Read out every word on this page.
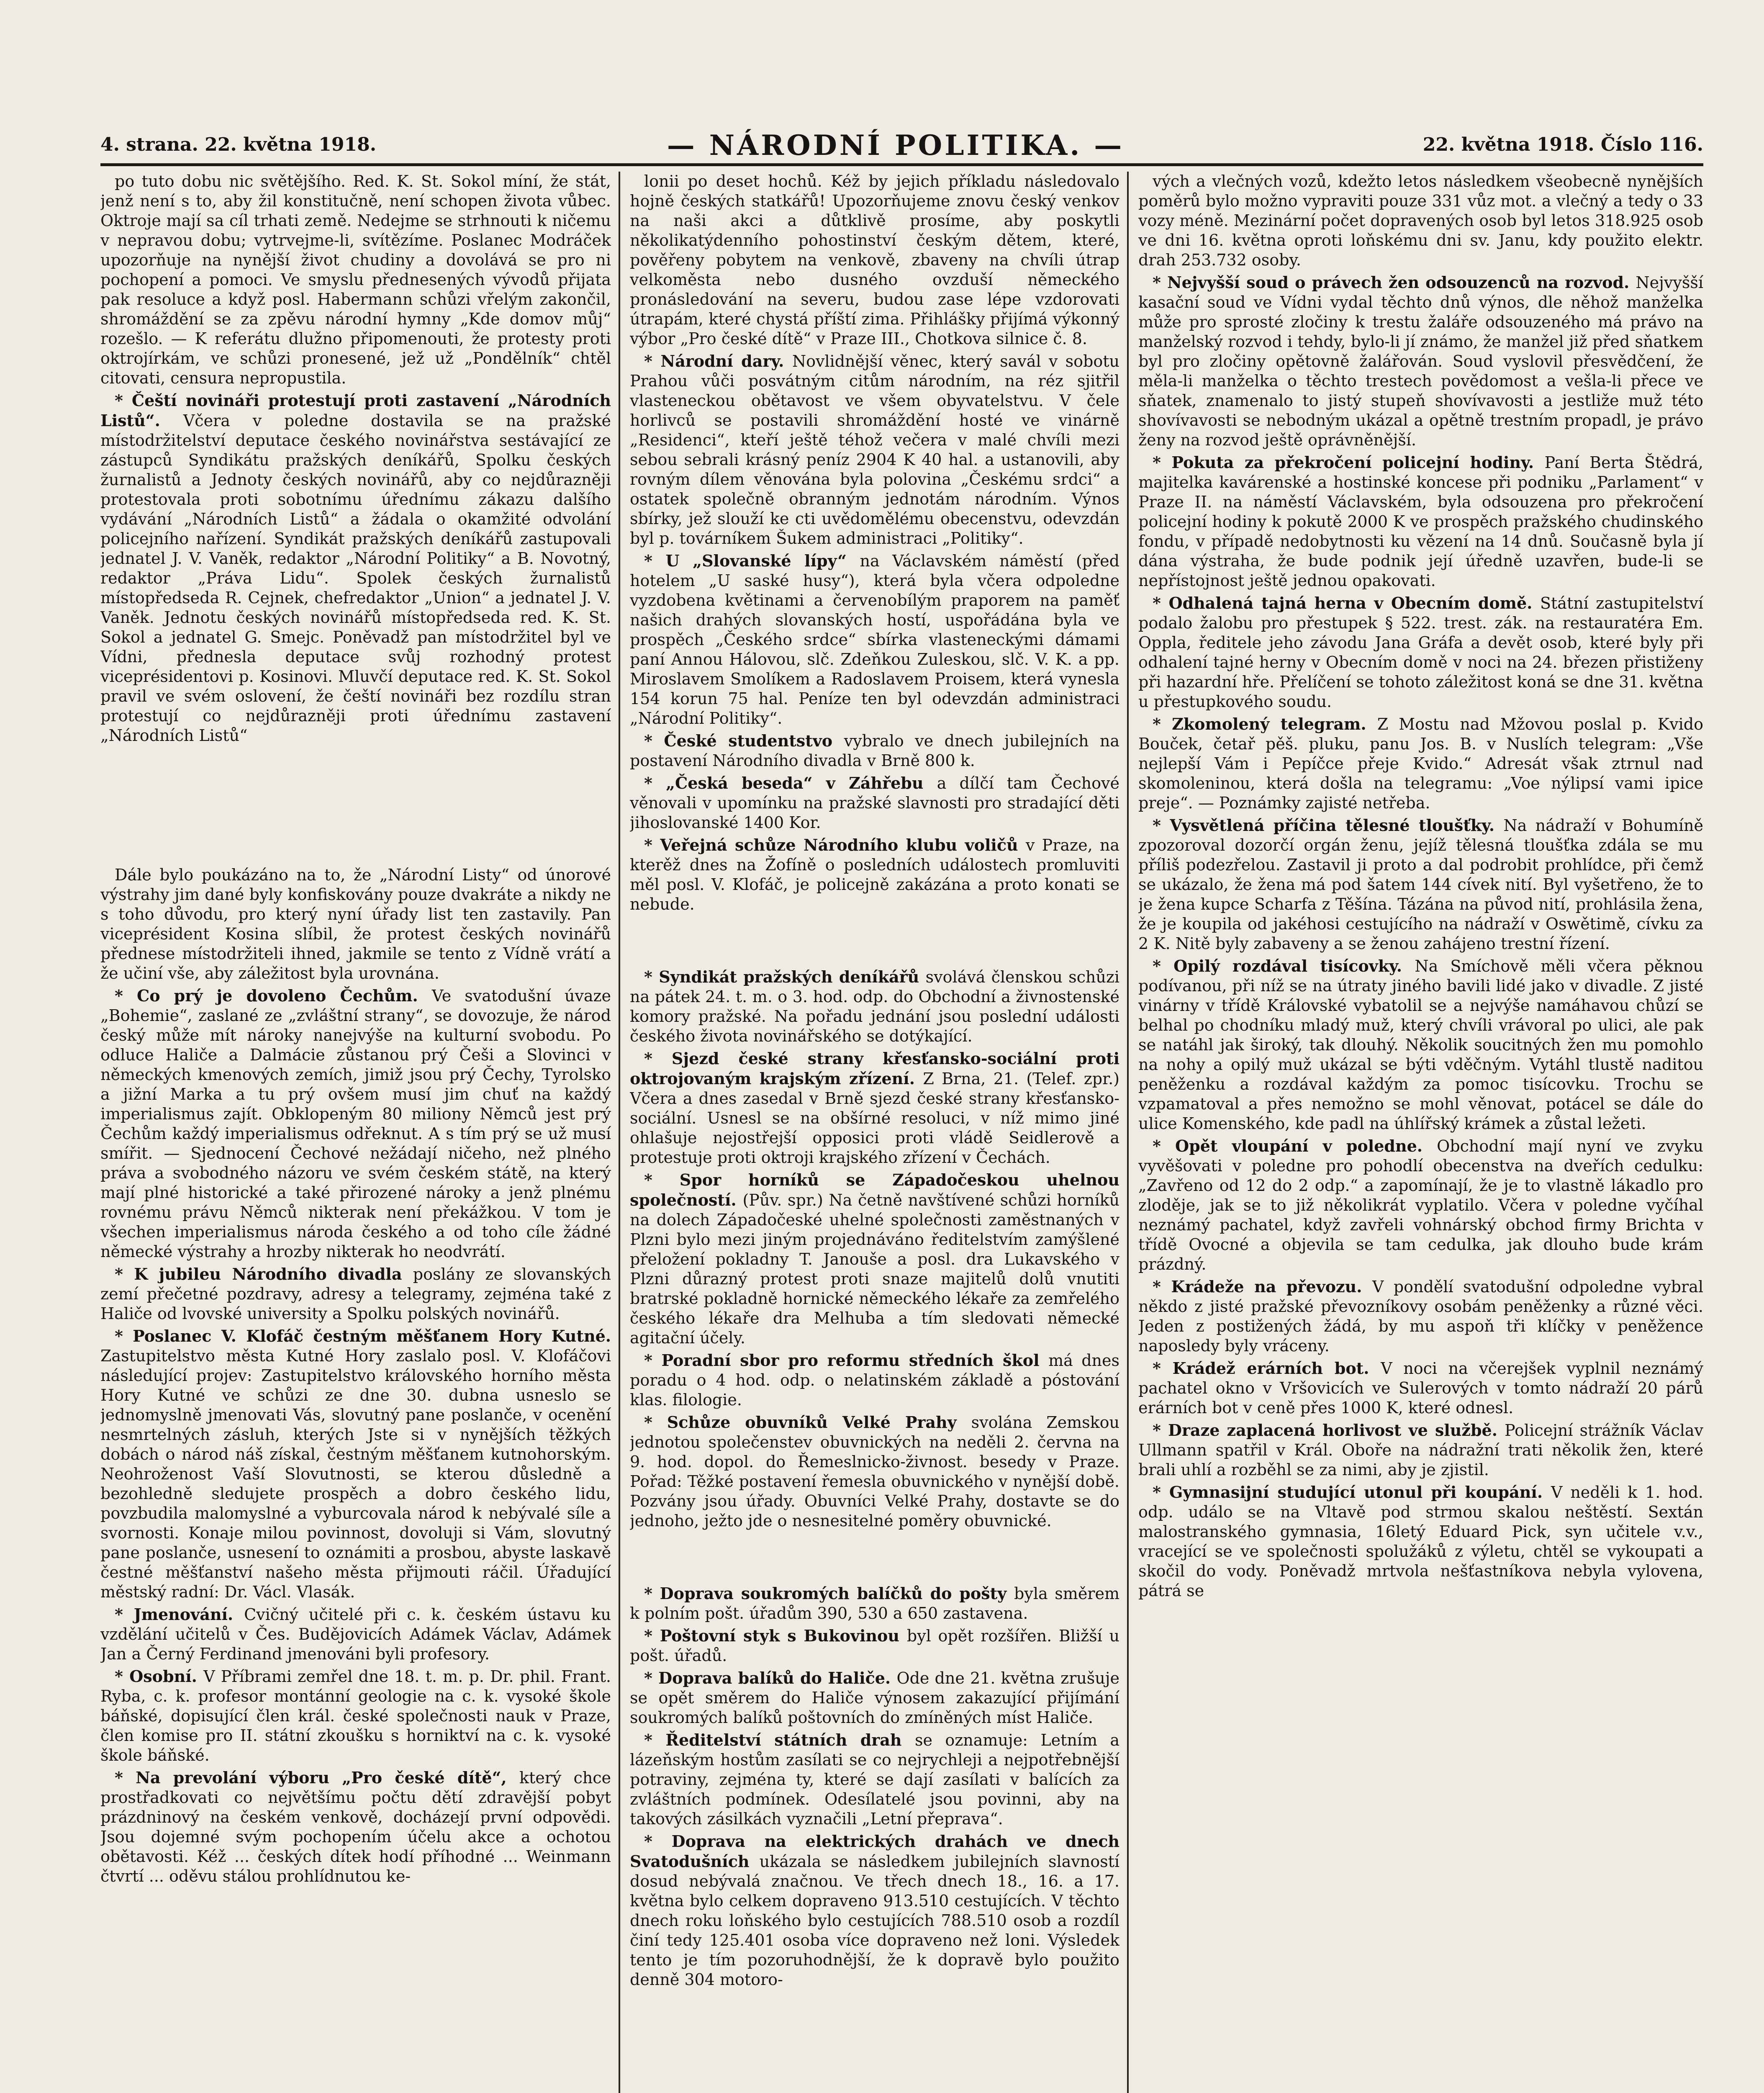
4. strana. 22. května 1918.	— NÁRODNÍ POLITIKA. —	22. května 1918. Číslo 116.

po tuto dobu nic světějšího. Red. K. St. Sokol míní, že stát, jenž není s to, aby žil konstitučně, není schopen života vůbec. Oktroje mají sa cíl trhati země. Nedejme se strhnouti k ničemu v nepravou dobu; vytrvejme-li, svítězíme. Poslanec Modráček upozorňuje na nynější život chudiny a dovolává se pro ni pochopení a pomoci. Ve smyslu přednesených vývodů přijata pak resoluce a když posl. Habermann schůzi vřelým zakončil, shromáždění se za zpěvu národní hymny „Kde domov můj“ rozešlo. — K referátu dlužno připomenouti, že protesty proti oktrojírkám, ve schůzi pronesené, jež už „Pondělník“ chtěl citovati, censura nepropustila.

* Čeští novináři protestují proti zastavení „Národních Listů“. Včera v poledne dostavila se na pražské místodržitelství deputace českého novinářstva sestávající ze zástupců Syndikátu pražských deníkářů, Spolku českých žurnalistů a Jednoty českých novinářů, aby co nejdůrazněji protestovala proti sobotnímu úřednímu zákazu dalšího vydávání „Národních Listů“ a žádala o okamžité odvolání policejního nařízení. Syndikát pražských deníkářů zastupovali jednatel J. V. Vaněk, redaktor „Národní Politiky“ a B. Novotný, redaktor „Práva Lidu“. Spolek českých žurnalistů místopředseda R. Cejnek, chefredaktor „Union“ a jednatel J. V. Vaněk. Jednotu českých novinářů místopředseda red. K. St. Sokol a jednatel G. Smejc. Poněvadž pan místodržitel byl ve Vídni, přednesla deputace svůj rozhodný protest viceprésidentovi p. Kosinovi. Mluvčí deputace red. K. St. Sokol pravil ve svém oslovení, že čeští novináři bez rozdílu stran protestují co nejdůrazněji proti úřednímu zastavení „Národních Listů“

Dále bylo poukázáno na to, že „Národní Listy“ od únorové výstrahy jim dané byly konfiskovány pouze dvakráte a nikdy ne s toho důvodu, pro který nyní úřady list ten zastavily. Pan viceprésident Kosina slíbil, že protest českých novinářů přednese místodržiteli ihned, jakmile se tento z Vídně vrátí a že učiní vše, aby záležitost byla urovnána.

* Co prý je dovoleno Čechům. Ve svatodušní úvaze „Bohemie“, zaslané ze „zvláštní strany“, se dovozuje, že národ český může mít nároky nanejvýše na kulturní svobodu. Po odluce Haliče a Dalmácie zůstanou prý Češi a Slovinci v německých kmenových zemích, jimiž jsou prý Čechy, Tyrolsko a jižní Marka a tu prý ovšem musí jim chuť na každý imperialismus zajít. Obklopeným 80 miliony Němců jest prý Čechům každý imperialismus odřeknut. A s tím prý se už musí smířit. — Sjednocení Čechové nežádají ničeho, než plného práva a svobodného názoru ve svém českém státě, na který mají plné historické a také přirozené nároky a jenž plnému rovnému právu Němců nikterak není překážkou. V tom je všechen imperialismus národa českého a od toho cíle žádné německé výstrahy a hrozby nikterak ho neodvrátí.

* K jubileu Národního divadla poslány ze slovanských zemí přečetné pozdravy, adresy a telegramy, zejména také z Haliče od lvovské university a Spolku polských novinářů.

* Poslanec V. Klofáč čestným měšťanem Hory Kutné. Zastupitelstvo města Kutné Hory zaslalo posl. V. Klofáčovi následující projev: Zastupitelstvo královského horního města Hory Kutné ve schůzi ze dne 30. dubna usneslo se jednomyslně jmenovati Vás, slovutný pane poslanče, v ocenění nesmrtelných zásluh, kterých Jste si v nynějších těžkých dobách o národ náš získal, čestným měšťanem kutnohorským. Neohroženost Vaší Slovutnosti, se kterou důsledně a bezohledně sledujete prospěch a dobro českého lidu, povzbudila malomyslné a vyburcovala národ k nebývalé síle a svornosti. Konaje milou povinnost, dovoluji si Vám, slovutný pane poslanče, usnesení to oznámiti a prosbou, abyste laskavě čestné měšťanství našeho města přijmouti ráčil. Úřadující městský radní: Dr. Václ. Vlasák.

* Jmenování. Cvičný učitelé při c. k. českém ústavu ku vzdělání učitelů v Čes. Budějovicích Adámek Václav, Adámek Jan a Černý Ferdinand jmenováni byli profesory.

* Osobní. V Příbrami zemřel dne 18. t. m. p. Dr. phil. Frant. Ryba, c. k. profesor montánní geologie na c. k. vysoké škole báňské, dopisující člen král. české společnosti nauk v Praze, člen komise pro II. státní zkoušku s horniktví na c. k. vysoké škole báňské.

* Na prevolání výboru „Pro české dítě“, který chce prostřadkovati co největšímu počtu dětí zdravější pobyt prázdninový na českém venkově, docházejí první odpovědi. Jsou dojemné svým pochopením účelu akce a ochotou obětavosti. Kéž ... českých dítek hodí příhodné ... Weinmann čtvrtí ... oděvu stálou prohlídnutou ke-

lonii po deset hochů. Kéž by jejich příkladu následovalo hojně českých statkářů! Upozorňujeme znovu český venkov na naši akci a důtklivě prosíme, aby poskytli několikatýdenního pohostinství českým dětem, které, pověřeny pobytem na venkově, zbaveny na chvíli útrap velkoměsta nebo dusného ovzduší německého pronásledování na severu, budou zase lépe vzdorovati útrapám, které chystá příští zima. Přihlášky přijímá výkonný výbor „Pro české dítě“ v Praze III., Chotkova silnice č. 8.

* Národní dary. Novlidnější věnec, který savál v sobotu Prahou vůči posvátným citům národním, na réz sjitřil vlasteneckou obětavost ve všem obyvatelstvu. V čele horlivců se postavili shromáždění hosté ve vinárně „Residenci“, kteří ještě téhož večera v malé chvíli mezi sebou sebrali krásný peníz 2904 K 40 hal. a ustanovili, aby rovným dílem věnována byla polovina „Českému srdci“ a ostatek společně obranným jednotám národním. Výnos sbírky, jež slouží ke cti uvědomělému obecenstvu, odevzdán byl p. továrníkem Šukem administraci „Politiky“.

* U „Slovanské lípy“ na Václavském náměstí (před hotelem „U saské husy“), která byla včera odpoledne vyzdobena květinami a červenobílým praporem na paměť našich drahých slovanských hostí, uspořádána byla ve prospěch „Českého srdce“ sbírka vlasteneckými dámami paní Annou Hálovou, slč. Zdeňkou Zuleskou, slč. V. K. a pp. Miroslavem Smolíkem a Radoslavem Proisem, která vynesla 154 korun 75 hal. Peníze ten byl odevzdán administraci „Národní Politiky“.

* České studentstvo vybralo ve dnech jubilejních na postavení Národního divadla v Brně 800 k.

* „Česká beseda“ v Záhřebu a dílčí tam Čechové věnovali v upomínku na pražské slavnosti pro stradající děti jihoslovanské 1400 Kor.

* Veřejná schůze Národního klubu voličů v Praze, na kterěž dnes na Žofíně o posledních událostech promluviti měl posl. V. Klofáč, je policejně zakázána a proto konati se nebude.

* Syndikát pražských deníkářů svolává členskou schůzi na pátek 24. t. m. o 3. hod. odp. do Obchodní a živnostenské komory pražské. Na pořadu jednání jsou poslední události českého života novinářského se dotýkající.

* Sjezd české strany křesťansko-sociální proti oktrojovaným krajským zřízení. Z Brna, 21. (Telef. zpr.) Včera a dnes zasedal v Brně sjezd české strany křesťansko-sociální. Usnesl se na obšírné resoluci, v níž mimo jiné ohlašuje nejostřejší opposici proti vládě Seidlerově a protestuje proti oktroji krajského zřízení v Čechách.

* Spor horníků se Západočeskou uhelnou společností. (Pův. spr.) Na četně navštívené schůzi horníků na dolech Západočeské uhelné společnosti zaměstnaných v Plzni bylo mezi jiným projednáváno ředitelstvím zamýšlené přeložení pokladny T. Janouše a posl. dra Lukavského v Plzni důrazný protest proti snaze majitelů dolů vnutiti bratrské pokladně hornické německého lékaře za zemřelého českého lékaře dra Melhuba a tím sledovati německé agitační účely.

* Poradní sbor pro reformu středních škol má dnes poradu o 4 hod. odp. o nelatinském základě a póstování klas. filologie.

* Schůze obuvníků Velké Prahy svolána Zemskou jednotou společenstev obuvnických na neděli 2. června na 9. hod. dopol. do Řemeslnicko-živnost. besedy v Praze. Pořad: Těžké postavení řemesla obuvnického v nynější době. Pozvány jsou úřady. Obuvníci Velké Prahy, dostavte se do jednoho, ježto jde o nesnesitelné poměry obuvnické.

* Doprava soukromých balíčků do pošty byla směrem k polním pošt. úřadům 390, 530 a 650 zastavena.

* Poštovní styk s Bukovinou byl opět rozšířen. Bližší u pošt. úřadů.

* Doprava balíků do Haliče. Ode dne 21. května zrušuje se opět směrem do Haliče výnosem zakazující přijímání soukromých balíků poštovních do zmíněných míst Haliče.

* Ředitelství státních drah se oznamuje: Letním a lázeňským hostům zasílati se co nejrychleji a nejpotřebnější potraviny, zejména ty, které se dají zasílati v balících za zvláštních podmínek. Odesílatelé jsou povinni, aby na takových zásilkách vyznačili „Letní přeprava“.

* Doprava na elektrických drahách ve dnech Svatodušních ukázala se následkem jubilejních slavností dosud nebývalá značnou. Ve třech dnech 18., 16. a 17. května bylo celkem dopraveno 913.510 cestujících. V těchto dnech roku loňského bylo cestujících 788.510 osob a rozdíl činí tedy 125.401 osoba více dopraveno než loni. Výsledek tento je tím pozoruhodnější, že k dopravě bylo použito denně 304 motoro-

vých a vlečných vozů, kdežto letos následkem všeobecně nynějších poměrů bylo možno vypraviti pouze 331 vůz mot. a vlečný a tedy o 33 vozy méně. Mezinární počet dopravených osob byl letos 318.925 osob ve dni 16. května oproti loňskému dni sv. Janu, kdy použito elektr. drah 253.732 osoby.

* Nejvyšší soud o právech žen odsouzenců na rozvod. Nejvyšší kasační soud ve Vídni vydal těchto dnů výnos, dle něhož manželka může pro sprosté zločiny k trestu žaláře odsouzeného má právo na manželský rozvod i tehdy, bylo-li jí známo, že manžel již před sňatkem byl pro zločiny opětovně žalářován. Soud vyslovil přesvědčení, že měla-li manželka o těchto trestech povědomost a vešla-li přece ve sňatek, znamenalo to jistý stupeň shovívavosti a jestliže muž této shovívavosti se nebodným ukázal a opětně trestním propadl, je právo ženy na rozvod ještě oprávněnější.

* Pokuta za překročení policejní hodiny. Paní Berta Štědrá, majitelka kavárenské a hostinské koncese při podniku „Parlament“ v Praze II. na náměstí Václavském, byla odsouzena pro překročení policejní hodiny k pokutě 2000 K ve prospěch pražského chudinského fondu, v případě nedobytnosti ku vězení na 14 dnů. Současně byla jí dána výstraha, že bude podnik její úředně uzavřen, bude-li se nepřístojnost ještě jednou opakovati.

* Odhalená tajná herna v Obecním domě. Státní zastupitelství podalo žalobu pro přestupek § 522. trest. zák. na restauratéra Em. Oppla, ředitele jeho závodu Jana Gráfa a devět osob, které byly při odhalení tajné herny v Obecním domě v noci na 24. březen přistiženy při hazardní hře. Přelíčení se tohoto záležitost koná se dne 31. května u přestupkového soudu.

* Zkomolený telegram. Z Mostu nad Mžovou poslal p. Kvido Bouček, četař pěš. pluku, panu Jos. B. v Nuslích telegram: „Vše nejlepší Vám i Pepíčce přeje Kvido.“ Adresát však ztrnul nad skomoleninou, která došla na telegramu: „Voe nýlipsí vami ipice preje“. — Poznámky zajisté netřeba.

* Vysvětlená příčina tělesné tloušťky. Na nádraží v Bohumíně zpozoroval dozorčí orgán ženu, jejíž tělesná tloušťka zdála se mu příliš podezřelou. Zastavil ji proto a dal podrobit prohlídce, při čemž se ukázalo, že žena má pod šatem 144 cívek nití. Byl vyšetřeno, že to je žena kupce Scharfa z Těšína. Tázána na původ nití, prohlásila žena, že je koupila od jakéhosi cestujícího na nádraží v Oswětimě, cívku za 2 K. Nitě byly zabaveny a se ženou zahájeno trestní řízení.

* Opilý rozdával tisícovky. Na Smíchově měli včera pěknou podívanou, při níž se na útraty jiného bavili lidé jako v divadle. Z jisté vinárny v třídě Královské vybatolil se a nejvýše namáhavou chůzí se belhal po chodníku mladý muž, který chvíli vrávoral po ulici, ale pak se natáhl jak široký, tak dlouhý. Několik soucitných žen mu pomohlo na nohy a opilý muž ukázal se býti vděčným. Vytáhl tlustě naditou peněženku a rozdával každým za pomoc tisícovku. Trochu se vzpamatoval a přes nemožno se mohl věnovat, potácel se dále do ulice Komenského, kde padl na úhlířský krámek a zůstal ležeti.

* Opět vloupání v poledne. Obchodní mají nyní ve zvyku vyvěšovati v poledne pro pohodlí obecenstva na dveřích cedulku: „Zavřeno od 12 do 2 odp.“ a zapomínají, že je to vlastně lákadlo pro zloděje, jak se to již několikrát vyplatilo. Včera v poledne vyčíhal neznámý pachatel, když zavřeli vohnárský obchod firmy Brichta v třídě Ovocné a objevila se tam cedulka, jak dlouho bude krám prázdný.

* Krádeže na převozu. V pondělí svatodušní odpoledne vybral někdo z jisté pražské převozníkovy osobám peněženky a různé věci. Jeden z postižených žádá, by mu aspoň tři klíčky v peněžence naposledy byly vráceny.

* Krádež erárních bot. V noci na včerejšek vyplnil neznámý pachatel okno v Vršovicích ve Sulerových v tomto nádraží 20 párů erárních bot v ceně přes 1000 K, které odnesl.

* Draze zaplacená horlivost ve službě. Policejní strážník Václav Ullmann spatřil v Král. Oboře na nádražní trati několik žen, které brali uhlí a rozběhl se za nimi, aby je zjistil.

* Gymnasijní studující utonul při koupání. V neděli k 1. hod. odp. událo se na Vltavě pod strmou skalou neštěstí. Sextán malostranského gymnasia, 16letý Eduard Pick, syn učitele v.v., vracející se ve společnosti spolužáků z výletu, chtěl se vykoupati a skočil do vody. Poněvadž mrtvola nešťastníkova nebyla vylovena, pátrá se
